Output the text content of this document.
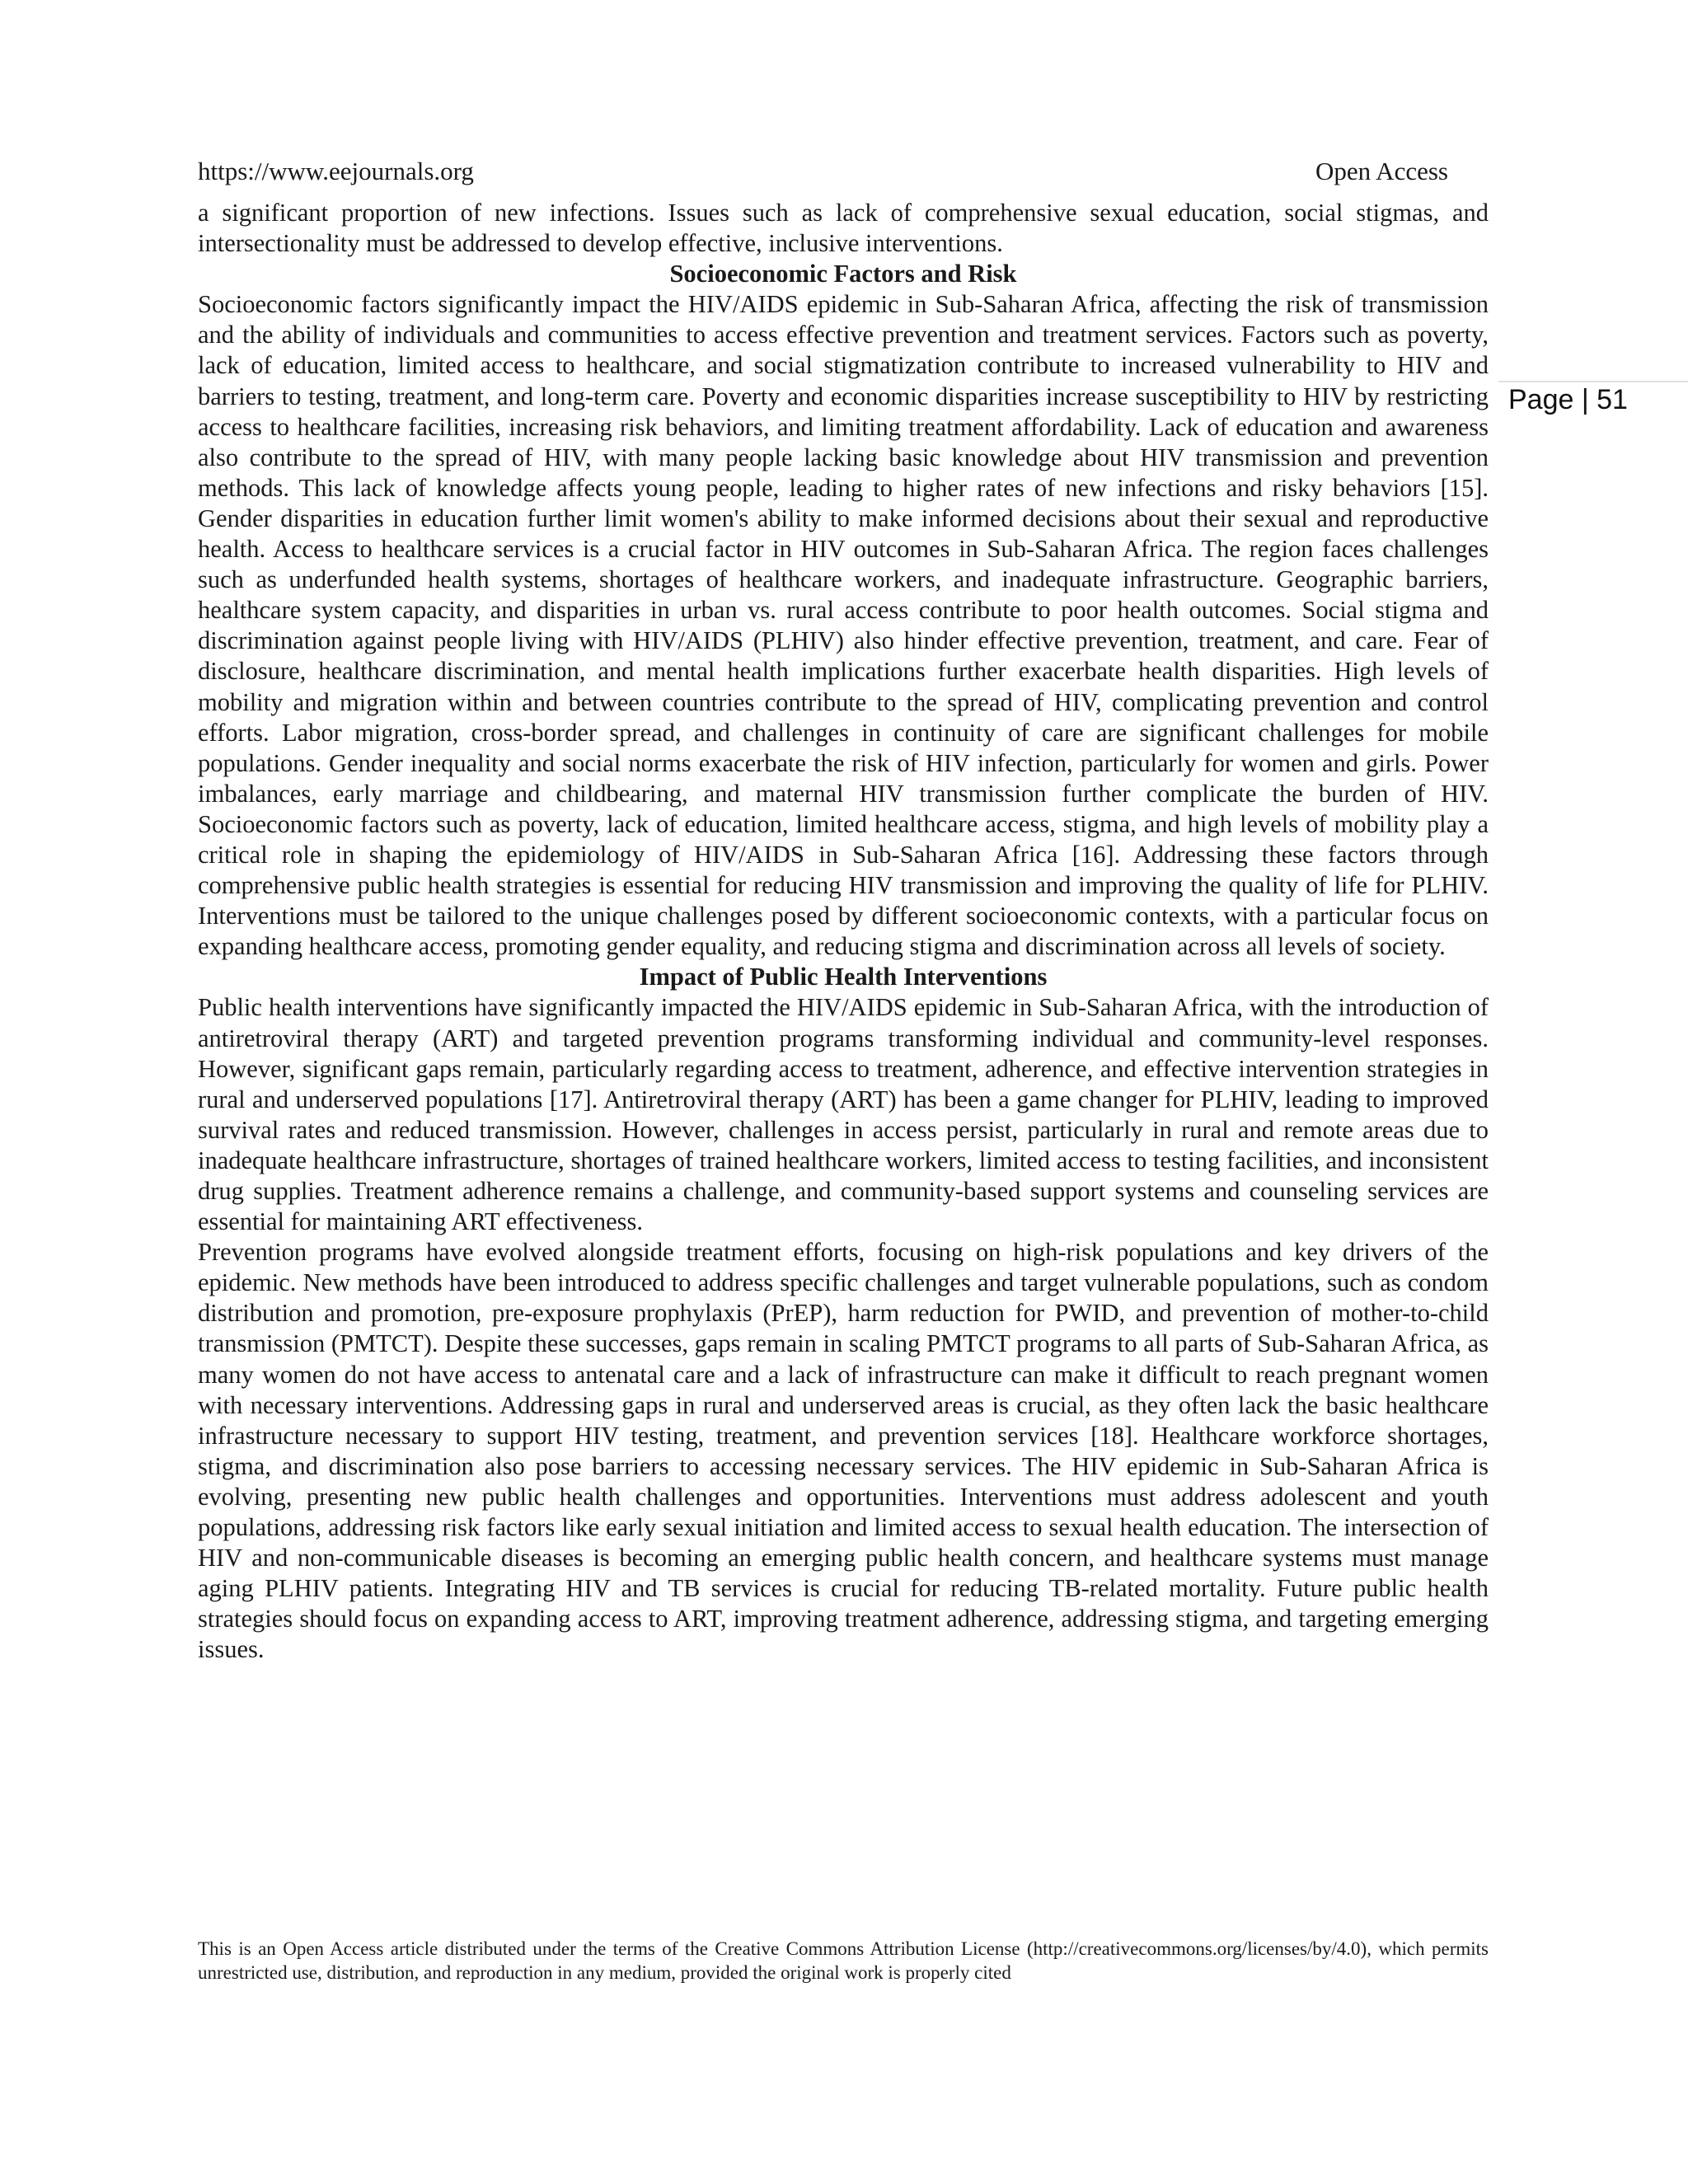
https://www.eejournals.org	Open Access
Page | 51

a significant proportion of new infections. Issues such as lack of comprehensive sexual education, social stigmas, and intersectionality must be addressed to develop effective, inclusive interventions.

Socioeconomic Factors and Risk

Socioeconomic factors significantly impact the HIV/AIDS epidemic in Sub-Saharan Africa, affecting the risk of transmission and the ability of individuals and communities to access effective prevention and treatment services. Factors such as poverty, lack of education, limited access to healthcare, and social stigmatization contribute to increased vulnerability to HIV and barriers to testing, treatment, and long-term care. Poverty and economic disparities increase susceptibility to HIV by restricting access to healthcare facilities, increasing risk behaviors, and limiting treatment affordability. Lack of education and awareness also contribute to the spread of HIV, with many people lacking basic knowledge about HIV transmission and prevention methods. This lack of knowledge affects young people, leading to higher rates of new infections and risky behaviors [15]. Gender disparities in education further limit women's ability to make informed decisions about their sexual and reproductive health. Access to healthcare services is a crucial factor in HIV outcomes in Sub-Saharan Africa. The region faces challenges such as underfunded health systems, shortages of healthcare workers, and inadequate infrastructure. Geographic barriers, healthcare system capacity, and disparities in urban vs. rural access contribute to poor health outcomes. Social stigma and discrimination against people living with HIV/AIDS (PLHIV) also hinder effective prevention, treatment, and care. Fear of disclosure, healthcare discrimination, and mental health implications further exacerbate health disparities. High levels of mobility and migration within and between countries contribute to the spread of HIV, complicating prevention and control efforts. Labor migration, cross-border spread, and challenges in continuity of care are significant challenges for mobile populations. Gender inequality and social norms exacerbate the risk of HIV infection, particularly for women and girls. Power imbalances, early marriage and childbearing, and maternal HIV transmission further complicate the burden of HIV. Socioeconomic factors such as poverty, lack of education, limited healthcare access, stigma, and high levels of mobility play a critical role in shaping the epidemiology of HIV/AIDS in Sub-Saharan Africa [16]. Addressing these factors through comprehensive public health strategies is essential for reducing HIV transmission and improving the quality of life for PLHIV. Interventions must be tailored to the unique challenges posed by different socioeconomic contexts, with a particular focus on expanding healthcare access, promoting gender equality, and reducing stigma and discrimination across all levels of society.

Impact of Public Health Interventions

Public health interventions have significantly impacted the HIV/AIDS epidemic in Sub-Saharan Africa, with the introduction of antiretroviral therapy (ART) and targeted prevention programs transforming individual and community-level responses. However, significant gaps remain, particularly regarding access to treatment, adherence, and effective intervention strategies in rural and underserved populations [17]. Antiretroviral therapy (ART) has been a game changer for PLHIV, leading to improved survival rates and reduced transmission. However, challenges in access persist, particularly in rural and remote areas due to inadequate healthcare infrastructure, shortages of trained healthcare workers, limited access to testing facilities, and inconsistent drug supplies. Treatment adherence remains a challenge, and community-based support systems and counseling services are essential for maintaining ART effectiveness.

Prevention programs have evolved alongside treatment efforts, focusing on high-risk populations and key drivers of the epidemic. New methods have been introduced to address specific challenges and target vulnerable populations, such as condom distribution and promotion, pre-exposure prophylaxis (PrEP), harm reduction for PWID, and prevention of mother-to-child transmission (PMTCT). Despite these successes, gaps remain in scaling PMTCT programs to all parts of Sub-Saharan Africa, as many women do not have access to antenatal care and a lack of infrastructure can make it difficult to reach pregnant women with necessary interventions. Addressing gaps in rural and underserved areas is crucial, as they often lack the basic healthcare infrastructure necessary to support HIV testing, treatment, and prevention services [18]. Healthcare workforce shortages, stigma, and discrimination also pose barriers to accessing necessary services. The HIV epidemic in Sub-Saharan Africa is evolving, presenting new public health challenges and opportunities. Interventions must address adolescent and youth populations, addressing risk factors like early sexual initiation and limited access to sexual health education. The intersection of HIV and non-communicable diseases is becoming an emerging public health concern, and healthcare systems must manage aging PLHIV patients. Integrating HIV and TB services is crucial for reducing TB-related mortality. Future public health strategies should focus on expanding access to ART, improving treatment adherence, addressing stigma, and targeting emerging issues.

This is an Open Access article distributed under the terms of the Creative Commons Attribution License (http://creativecommons.org/licenses/by/4.0), which permits unrestricted use, distribution, and reproduction in any medium, provided the original work is properly cited
